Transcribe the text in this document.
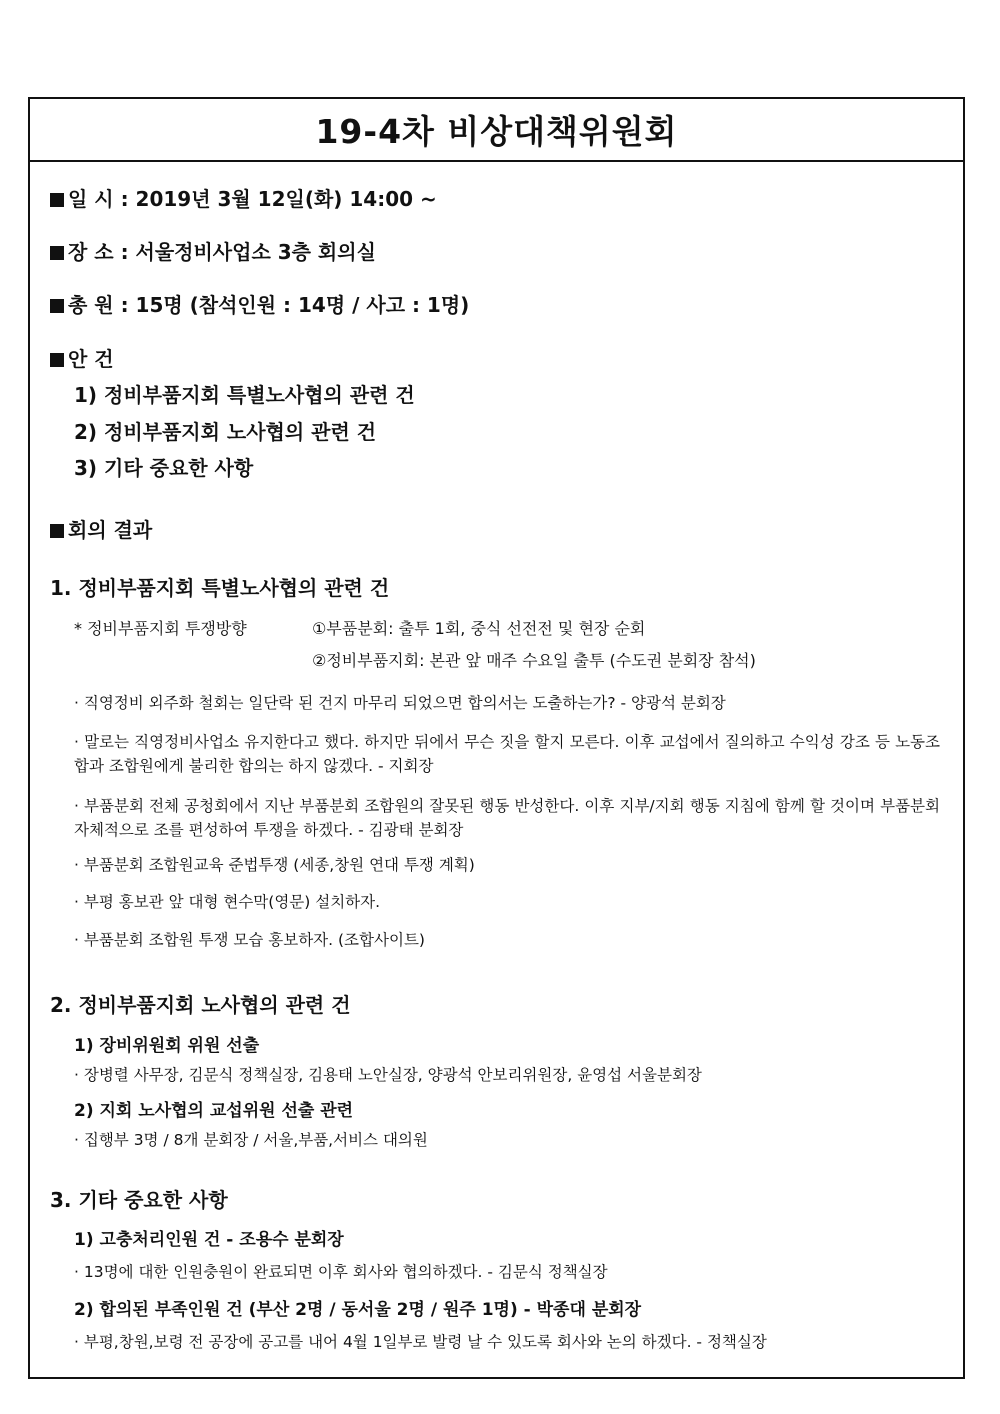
19-4차 비상대책위원회
일 시 : 2019년 3월 12일(화) 14:00 ~
장 소 : 서울정비사업소 3층 회의실
총 원 : 15명 (참석인원 : 14명 / 사고 : 1명)
안 건
1) 정비부품지회 특별노사협의 관련 건
2) 정비부품지회 노사협의 관련 건
3) 기타 중요한 사항
회의 결과
1. 정비부품지회 특별노사협의 관련 건
* 정비부품지회 투쟁방향	①부품분회: 출투 1회, 중식 선전전 및 현장 순회
②정비부품지회: 본관 앞 매주 수요일 출투 (수도권 분회장 참석)
· 직영정비 외주화 철회는 일단락 된 건지 마무리 되었으면 합의서는 도출하는가? - 양광석 분회장
· 말로는 직영정비사업소 유지한다고 했다. 하지만 뒤에서 무슨 짓을 할지 모른다. 이후 교섭에서 질의하고 수익성 강조 등 노동조합과 조합원에게 불리한 합의는 하지 않겠다. - 지회장
· 부품분회 전체 공청회에서 지난 부품분회 조합원의 잘못된 행동 반성한다. 이후 지부/지회 행동 지침에 함께 할 것이며 부품분회 자체적으로 조를 편성하여 투쟁을 하겠다. - 김광태 분회장
· 부품분회 조합원교육 준법투쟁 (세종,창원 연대 투쟁 계획)
· 부평 홍보관 앞 대형 현수막(영문) 설치하자.
· 부품분회 조합원 투쟁 모습 홍보하자. (조합사이트)
2. 정비부품지회 노사협의 관련 건
1) 장비위원회 위원 선출
· 장병렬 사무장, 김문식 정책실장, 김용태 노안실장, 양광석 안보리위원장, 윤영섭 서울분회장
2) 지회 노사협의 교섭위원 선출 관련
· 집행부 3명 / 8개 분회장 / 서울,부품,서비스 대의원
3. 기타 중요한 사항
1) 고충처리인원 건 - 조용수 분회장
· 13명에 대한 인원충원이 완료되면 이후 회사와 협의하겠다. - 김문식 정책실장
2) 합의된 부족인원 건 (부산 2명 / 동서울 2명 / 원주 1명) - 박종대 분회장
· 부평,창원,보령 전 공장에 공고를 내어 4월 1일부로 발령 날 수 있도록 회사와 논의 하겠다. - 정책실장
